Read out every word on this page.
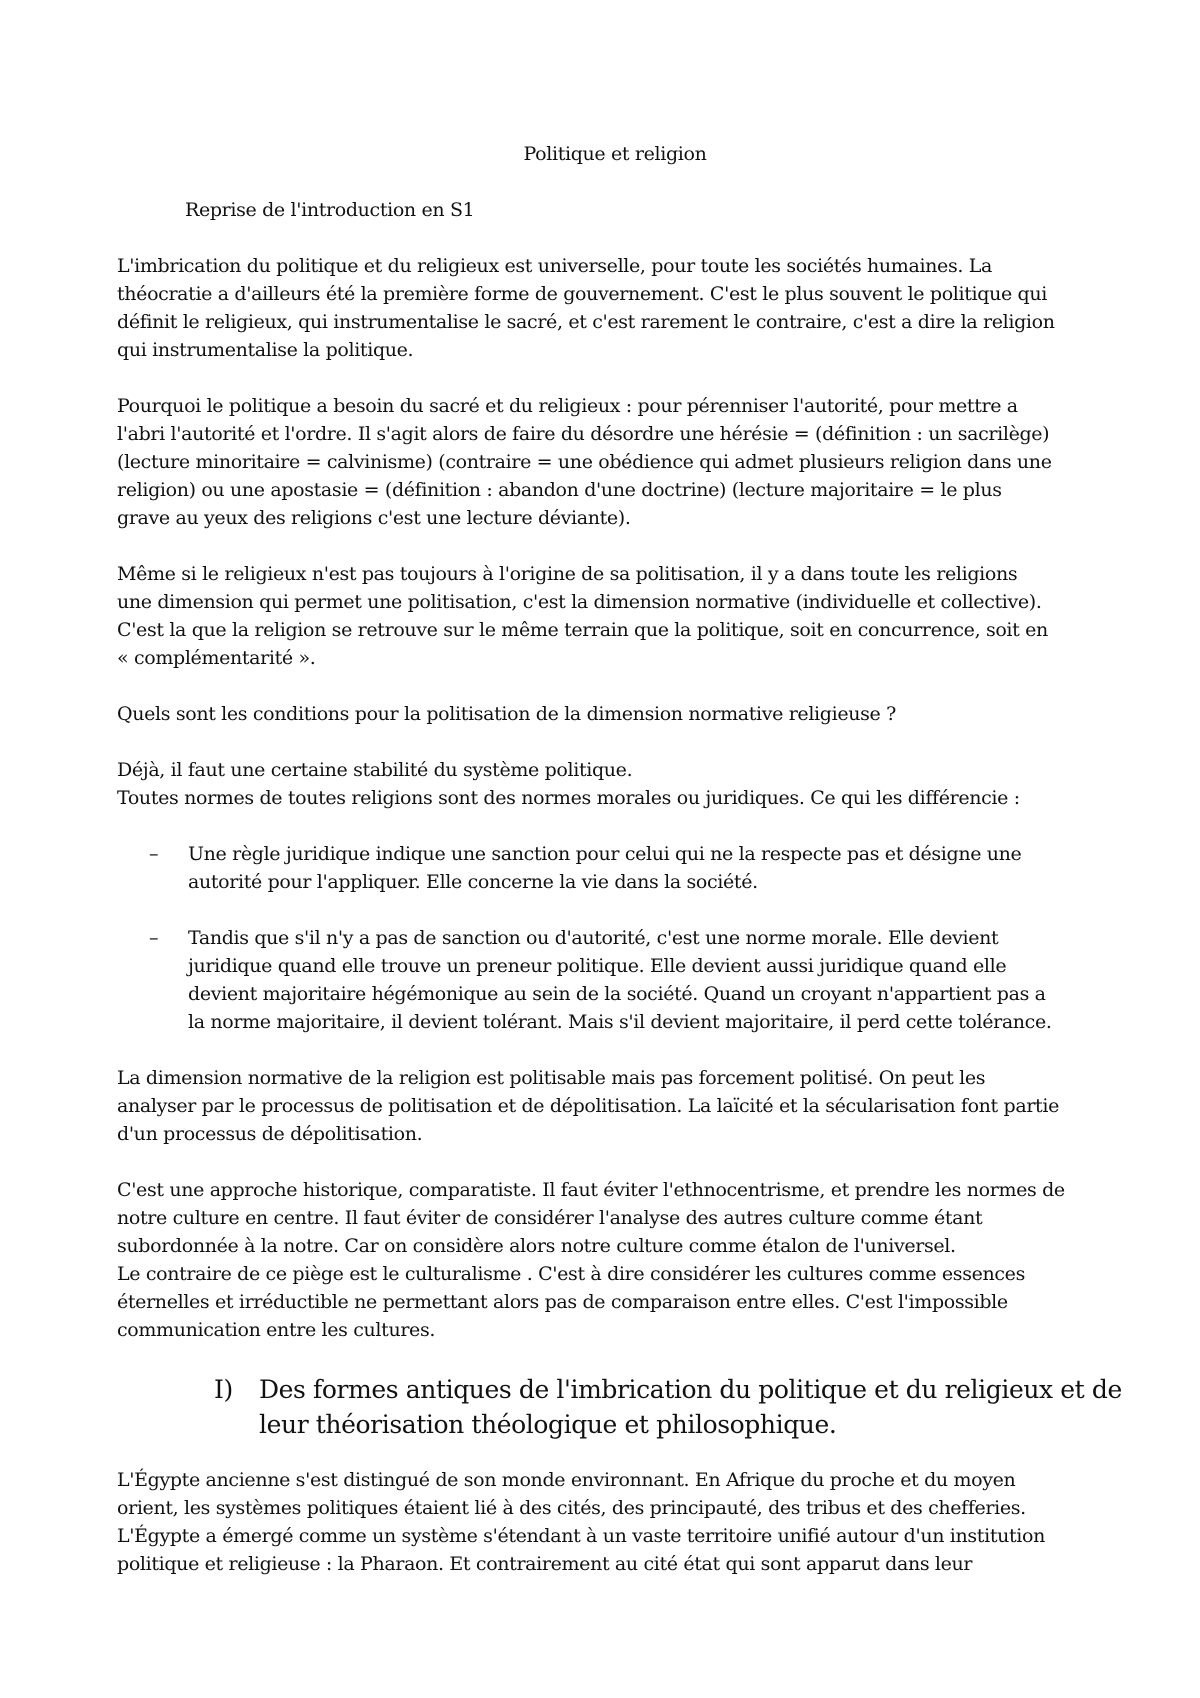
Politique et religion

Reprise de l'introduction en S1

L'imbrication du politique et du religieux est universelle, pour toute les sociétés humaines. La
théocratie a d'ailleurs été la première forme de gouvernement. C'est le plus souvent le politique qui
définit le religieux, qui instrumentalise le sacré, et c'est rarement le contraire, c'est a dire la religion
qui instrumentalise la politique.

Pourquoi le politique a besoin du sacré et du religieux : pour pérenniser l'autorité, pour mettre a
l'abri l'autorité et l'ordre. Il s'agit alors de faire du désordre une hérésie = (définition : un sacrilège)
(lecture minoritaire = calvinisme) (contraire = une obédience qui admet plusieurs religion dans une
religion) ou une apostasie = (définition : abandon d'une doctrine) (lecture majoritaire = le plus
grave au yeux des religions c'est une lecture déviante).

Même si le religieux n'est pas toujours à l'origine de sa politisation, il y a dans toute les religions
une dimension qui permet une politisation, c'est la dimension normative (individuelle et collective).
C'est la que la religion se retrouve sur le même terrain que la politique, soit en concurrence, soit en
« complémentarité ».

Quels sont les conditions pour la politisation de la dimension normative religieuse ?

Déjà, il faut une certaine stabilité du système politique.
Toutes normes de toutes religions sont des normes morales ou juridiques. Ce qui les différencie :

– Une règle juridique indique une sanction pour celui qui ne la respecte pas et désigne une
autorité pour l'appliquer. Elle concerne la vie dans la société.

– Tandis que s'il n'y a pas de sanction ou d'autorité, c'est une norme morale. Elle devient
juridique quand elle trouve un preneur politique. Elle devient aussi juridique quand elle
devient majoritaire hégémonique au sein de la société. Quand un croyant n'appartient pas a
la norme majoritaire, il devient tolérant. Mais s'il devient majoritaire, il perd cette tolérance.

La dimension normative de la religion est politisable mais pas forcement politisé. On peut les
analyser par le processus de politisation et de dépolitisation. La laïcité et la sécularisation font partie
d'un processus de dépolitisation.

C'est une approche historique, comparatiste. Il faut éviter l'ethnocentrisme, et prendre les normes de
notre culture en centre. Il faut éviter de considérer l'analyse des autres culture comme étant
subordonnée à la notre. Car on considère alors notre culture comme étalon de l'universel.
Le contraire de ce piège est le culturalisme . C'est à dire considérer les cultures comme essences
éternelles et irréductible ne permettant alors pas de comparaison entre elles. C'est l'impossible
communication entre les cultures.

I) Des formes antiques de l'imbrication du politique et du religieux et de
leur théorisation théologique et philosophique.

L'Égypte ancienne s'est distingué de son monde environnant. En Afrique du proche et du moyen
orient, les systèmes politiques étaient lié à des cités, des principauté, des tribus et des chefferies.
L'Égypte a émergé comme un système s'étendant à un vaste territoire unifié autour d'un institution
politique et religieuse : la Pharaon. Et contrairement au cité état qui sont apparut dans leur
